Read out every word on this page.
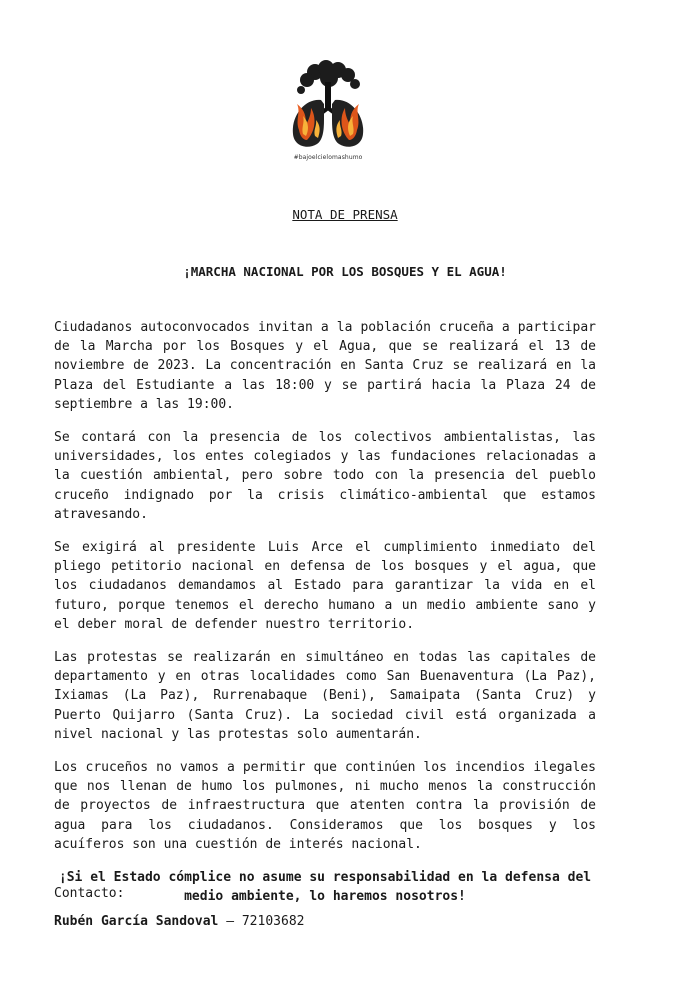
#bajoelcielomashumo
NOTA DE PRENSA
¡MARCHA NACIONAL POR LOS BOSQUES Y EL AGUA!

Ciudadanos autoconvocados invitan a la población cruceña a participar de la Marcha por los Bosques y el Agua, que se realizará el 13 de noviembre de 2023. La concentración en Santa Cruz se realizará en la Plaza del Estudiante a las 18:00 y se partirá hacia la Plaza 24 de septiembre a las 19:00.

Se contará con la presencia de los colectivos ambientalistas, las universidades, los entes colegiados y las fundaciones relacionadas a la cuestión ambiental, pero sobre todo con la presencia del pueblo cruceño indignado por la crisis climático-ambiental que estamos atravesando.

Se exigirá al presidente Luis Arce el cumplimiento inmediato del pliego petitorio nacional en defensa de los bosques y el agua, que los ciudadanos demandamos al Estado para garantizar la vida en el futuro, porque tenemos el derecho humano a un medio ambiente sano y el deber moral de defender nuestro territorio.

Las protestas se realizarán en simultáneo en todas las capitales de departamento y en otras localidades como San Buenaventura (La Paz), Ixiamas (La Paz), Rurrenabaque (Beni), Samaipata (Santa Cruz) y Puerto Quijarro (Santa Cruz). La sociedad civil está organizada a nivel nacional y las protestas solo aumentarán.

Los cruceños no vamos a permitir que continúen los incendios ilegales que nos llenan de humo los pulmones, ni mucho menos la construcción de proyectos de infraestructura que atenten contra la provisión de agua para los ciudadanos. Consideramos que los bosques y los acuíferos son una cuestión de interés nacional.

¡Si el Estado cómplice no asume su responsabilidad en la defensa del medio ambiente, lo haremos nosotros!

Contacto:
Rubén García Sandoval – 72103682
